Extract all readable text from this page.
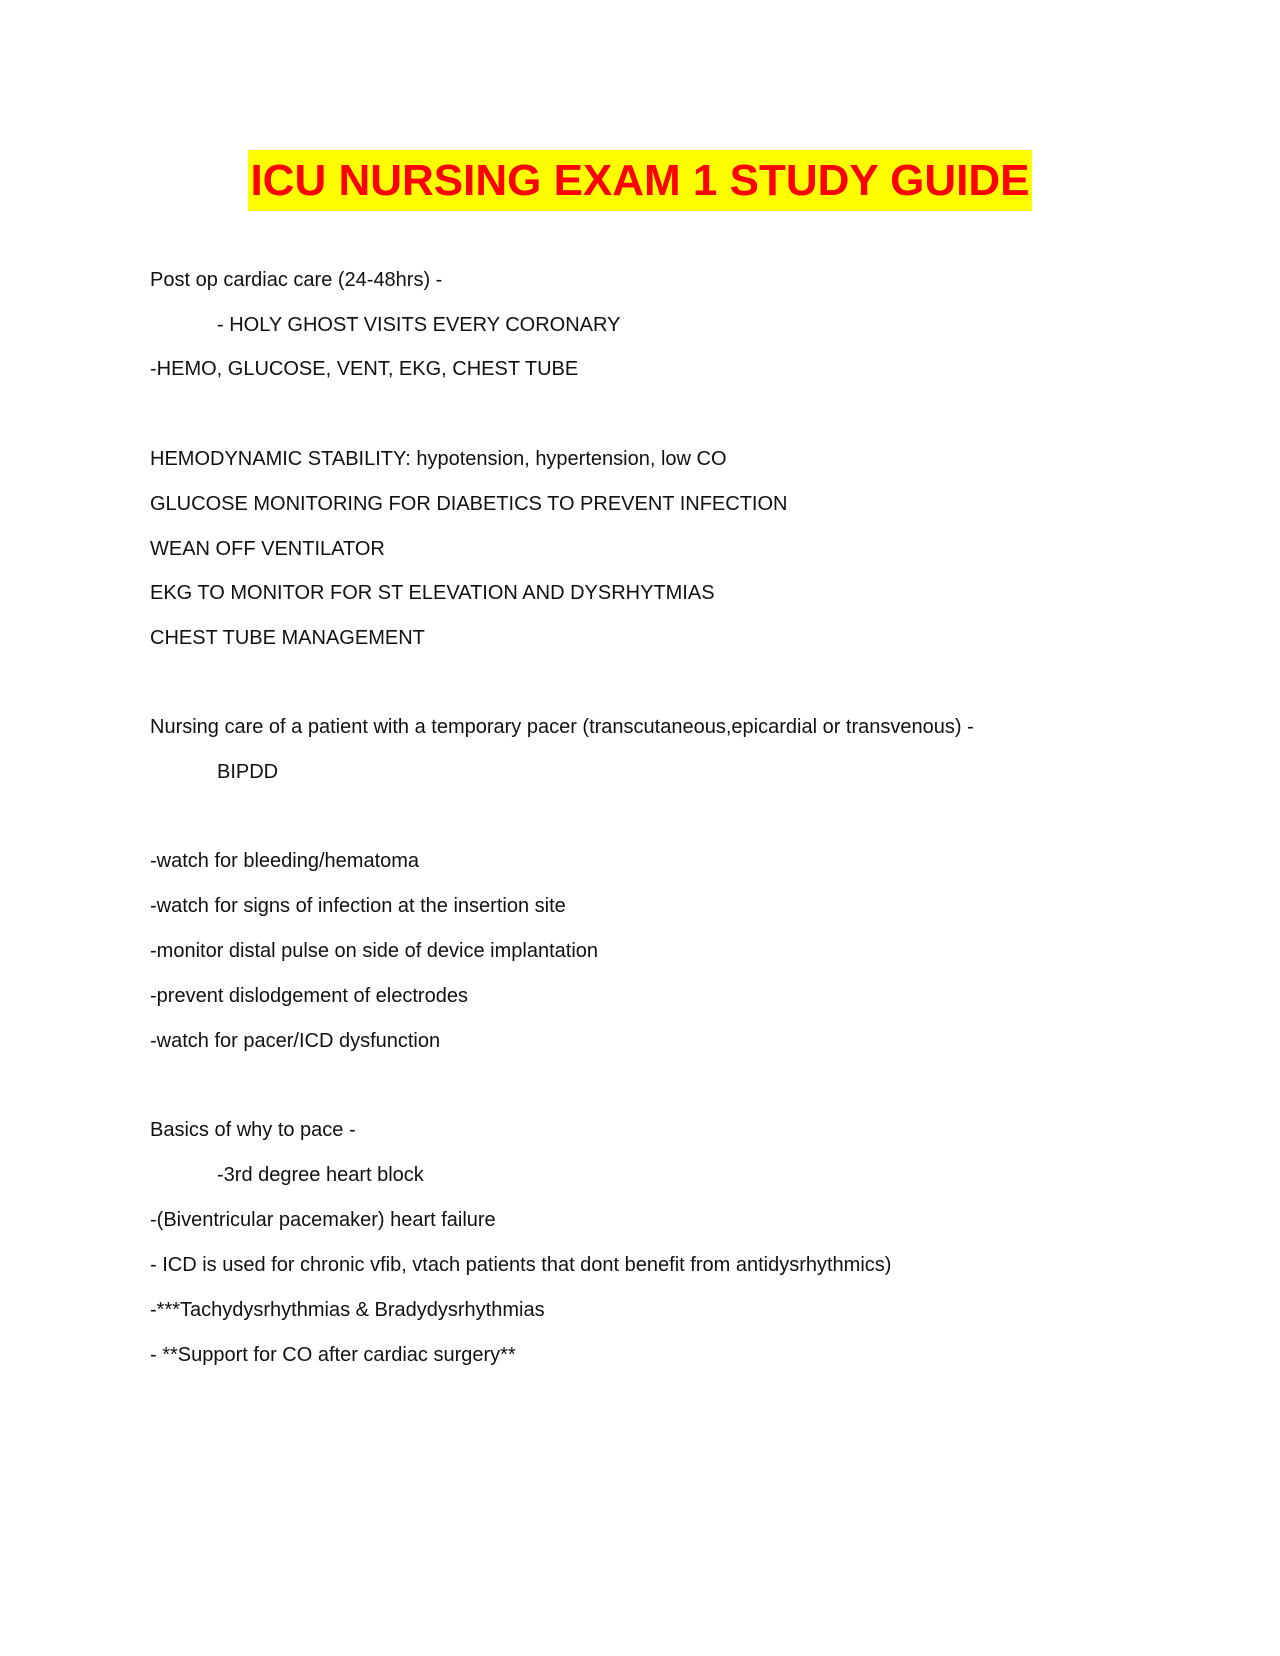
ICU NURSING EXAM 1 STUDY GUIDE
Post op cardiac care (24-48hrs) -
- HOLY GHOST VISITS EVERY CORONARY
-HEMO, GLUCOSE, VENT, EKG, CHEST TUBE
HEMODYNAMIC STABILITY: hypotension, hypertension, low CO
GLUCOSE MONITORING FOR DIABETICS TO PREVENT INFECTION
WEAN OFF VENTILATOR
EKG TO MONITOR FOR ST ELEVATION AND DYSRHYTMIAS
CHEST TUBE MANAGEMENT
Nursing care of a patient with a temporary pacer (transcutaneous,epicardial or transvenous) -
BIPDD
-watch for bleeding/hematoma
-watch for signs of infection at the insertion site
-monitor distal pulse on side of device implantation
-prevent dislodgement of electrodes
-watch for pacer/ICD dysfunction
Basics of why to pace -
-3rd degree heart block
-(Biventricular pacemaker) heart failure
- ICD is used for chronic vfib, vtach patients that dont benefit from antidysrhythmics)
-***Tachydysrhythmias & Bradydysrhythmias
- **Support for CO after cardiac surgery**
